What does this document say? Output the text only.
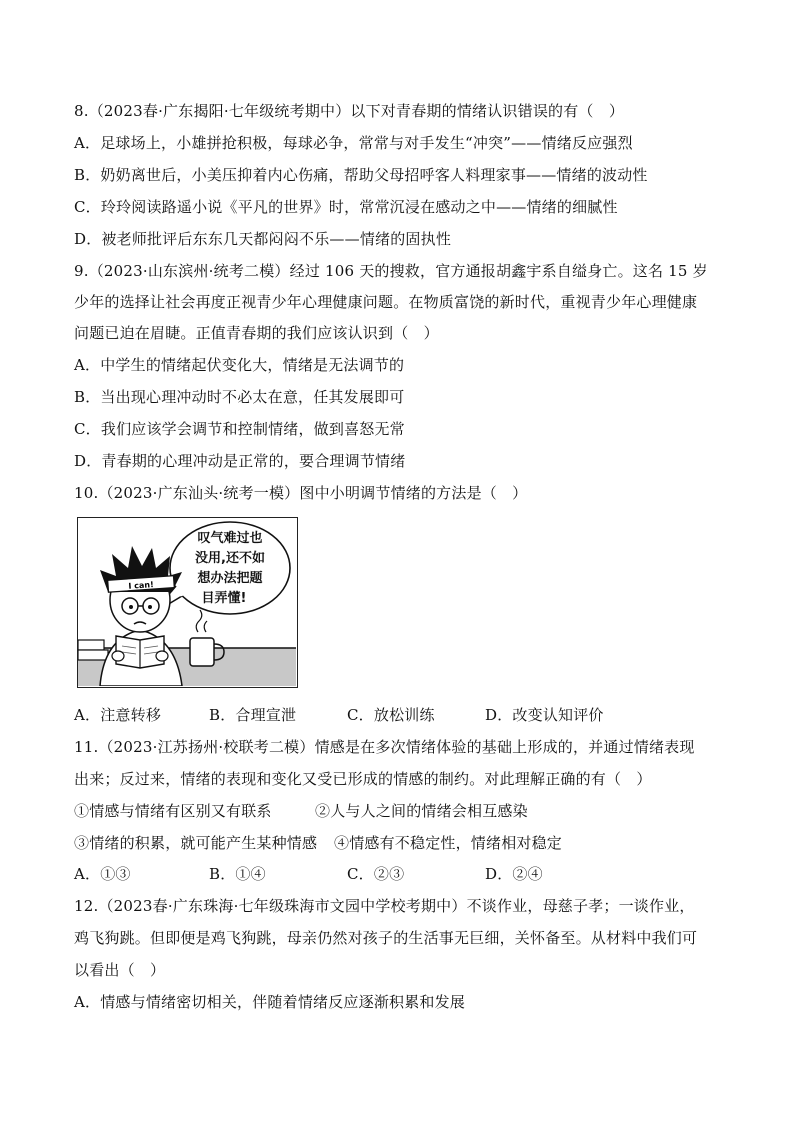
8.（2023春·广东揭阳·七年级统考期中）以下对青春期的情绪认识错误的有（　）
A．足球场上，小雄拼抢积极，每球必争，常常与对手发生“冲突”——情绪反应强烈
B．奶奶离世后，小美压抑着内心伤痛，帮助父母招呼客人料理家事——情绪的波动性
C．玲玲阅读路遥小说《平凡的世界》时，常常沉浸在感动之中——情绪的细腻性
D．被老师批评后东东几天都闷闷不乐——情绪的固执性
9.（2023·山东滨州·统考二模）经过 106 天的搜救，官方通报胡鑫宇系自缢身亡。这名 15 岁
少年的选择让社会再度正视青少年心理健康问题。在物质富饶的新时代，重视青少年心理健康
问题已迫在眉睫。正值青春期的我们应该认识到（　）
A．中学生的情绪起伏变化大，情绪是无法调节的
B．当出现心理冲动时不必太在意，任其发展即可
C．我们应该学会调节和控制情绪，做到喜怒无常
D．青春期的心理冲动是正常的，要合理调节情绪
10.（2023·广东汕头·统考一模）图中小明调节情绪的方法是（　）
叹气难过也
没用,还不如
想办法把题
目弄懂!
I can!
A．注意转移	B．合理宣泄	C．放松训练	D．改变认知评价
11.（2023·江苏扬州·校联考二模）情感是在多次情绪体验的基础上形成的，并通过情绪表现
出来；反过来，情绪的表现和变化又受已形成的情感的制约。对此理解正确的有（　）
①情感与情绪有区别又有联系	②人与人之间的情绪会相互感染
③情绪的积累，就可能产生某种情感 ④情感有不稳定性，情绪相对稳定
A．①③	B．①④	C．②③	D．②④
12.（2023春·广东珠海·七年级珠海市文园中学校考期中）不谈作业，母慈子孝；一谈作业，
鸡飞狗跳。但即便是鸡飞狗跳，母亲仍然对孩子的生活事无巨细，关怀备至。从材料中我们可
以看出（　）
A．情感与情绪密切相关，伴随着情绪反应逐渐积累和发展
